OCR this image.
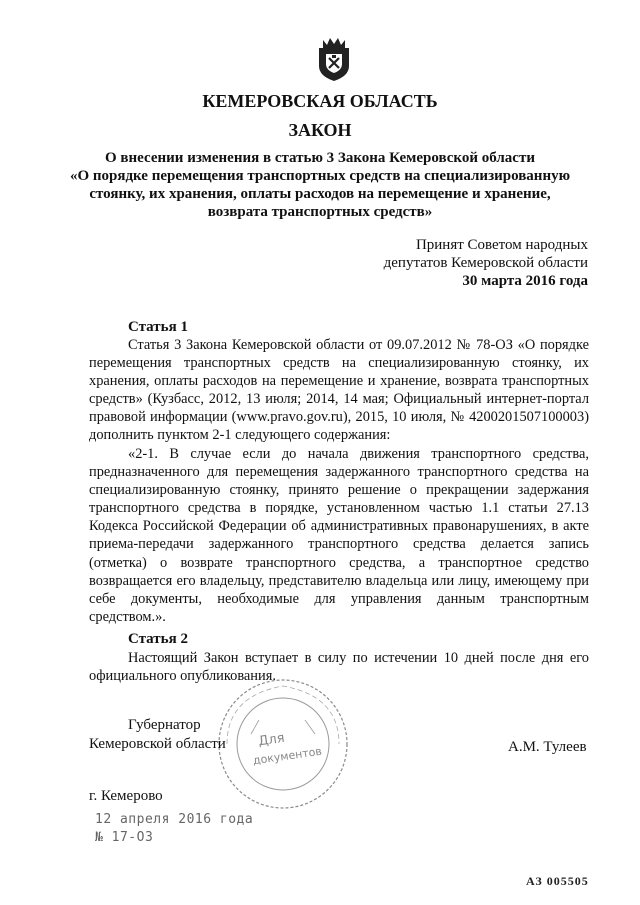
КЕМЕРОВСКАЯ ОБЛАСТЬ
ЗАКОН
О внесении изменения в статью 3 Закона Кемеровской области
«О порядке перемещения транспортных средств на специализированную
стоянку, их хранения, оплаты расходов на перемещение и хранение,
возврата транспортных средств»
Принят Советом народных
депутатов Кемеровской области
30 марта 2016 года
Статья 1
Статья 3 Закона Кемеровской области от 09.07.2012 № 78-ОЗ «О порядке перемещения транспортных средств на специализированную стоянку, их хранения, оплаты расходов на перемещение и хранение, возврата транспортных средств» (Кузбасс, 2012, 13 июля; 2014, 14 мая; Официальный интернет-портал правовой информации (www.pravo.gov.ru), 2015, 10 июля, № 4200201507100003) дополнить пунктом 2-1 следующего содержания:
«2-1. В случае если до начала движения транспортного средства, предназначенного для перемещения задержанного транспортного средства на специализированную стоянку, принято решение о прекращении задержания транспортного средства в порядке, установленном частью 1.1 статьи 27.13 Кодекса Российской Федерации об административных правонарушениях, в акте приема-передачи задержанного транспортного средства делается запись (отметка) о возврате транспортного средства, а транспортное средство возвращается его владельцу, представителю владельца или лицу, имеющему при себе документы, необходимые для управления данным транспортным средством.».
Статья 2
Настоящий Закон вступает в силу по истечении 10 дней после дня его официального опубликования.
Для
документов
Губернатор
Кемеровской области	А.М. Тулеев
г. Кемерово
12 апреля 2016 года
№ 17-ОЗ
АЗ 005505
